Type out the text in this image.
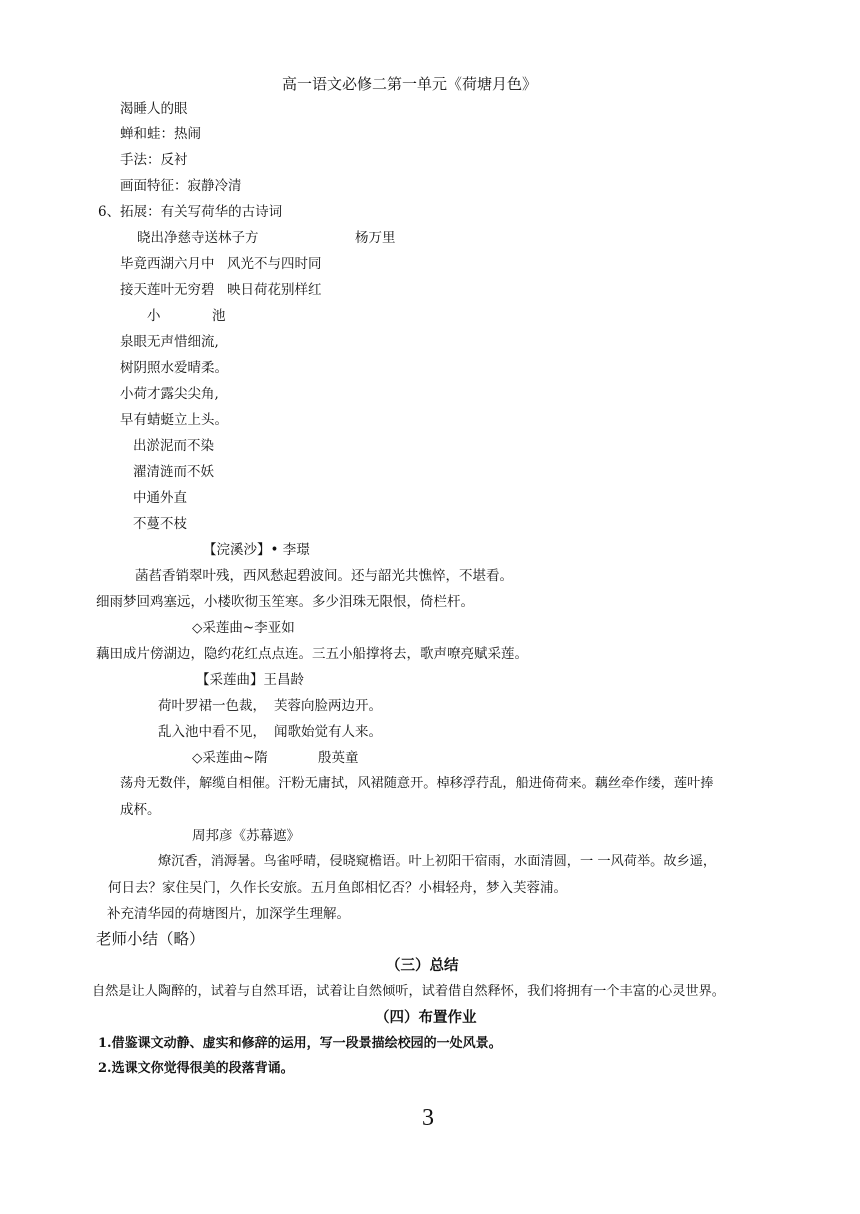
高一语文必修二第一单元《荷塘月色》
渴睡人的眼
蝉和蛙：热闹
手法：反衬
画面特征：寂静冷清
6、拓展：有关写荷华的古诗词
晓出净慈寺送林子方	杨万里
毕竟西湖六月中 风光不与四时同
接天莲叶无穷碧 映日荷花别样红
小	池
泉眼无声惜细流,
树阴照水爱晴柔。
小荷才露尖尖角,
早有蜻蜓立上头。
出淤泥而不染
濯清涟而不妖
中通外直
不蔓不枝
【浣溪沙】• 李璟
菡萏香销翠叶残，西风愁起碧波间。还与韶光共憔悴，不堪看。
细雨梦回鸡塞远，小楼吹彻玉笙寒。多少泪珠无限恨，倚栏杆。
◇采莲曲~李亚如
藕田成片傍湖边，隐约花红点点连。三五小船撑将去，歌声嘹亮赋采莲。
【采莲曲】王昌龄
荷叶罗裙一色裁， 芙蓉向脸两边开。
乱入池中看不见， 闻歌始觉有人来。
◇采莲曲~隋	殷英童
荡舟无数伴，解缆自相催。汗粉无庸拭，风裙随意开。棹移浮荇乱，船进倚荷来。藕丝牵作缕，莲叶捧
成杯。
周邦彦《苏幕遮》
燎沉香，消溽暑。鸟雀呼晴，侵晓窥檐语。叶上初阳干宿雨，水面清圆，一 一风荷举。故乡遥，
何日去？家住吴门，久作长安旅。五月鱼郎相忆否？小楫轻舟，梦入芙蓉浦。
补充清华园的荷塘图片，加深学生理解。
老师小结（略）
（三）总结
自然是让人陶醉的，试着与自然耳语，试着让自然倾听，试着借自然释怀，我们将拥有一个丰富的心灵世界。
（四）布置作业
1.借鉴课文动静、虚实和修辞的运用，写一段景描绘校园的一处风景。
2.选课文你觉得很美的段落背诵。
3
